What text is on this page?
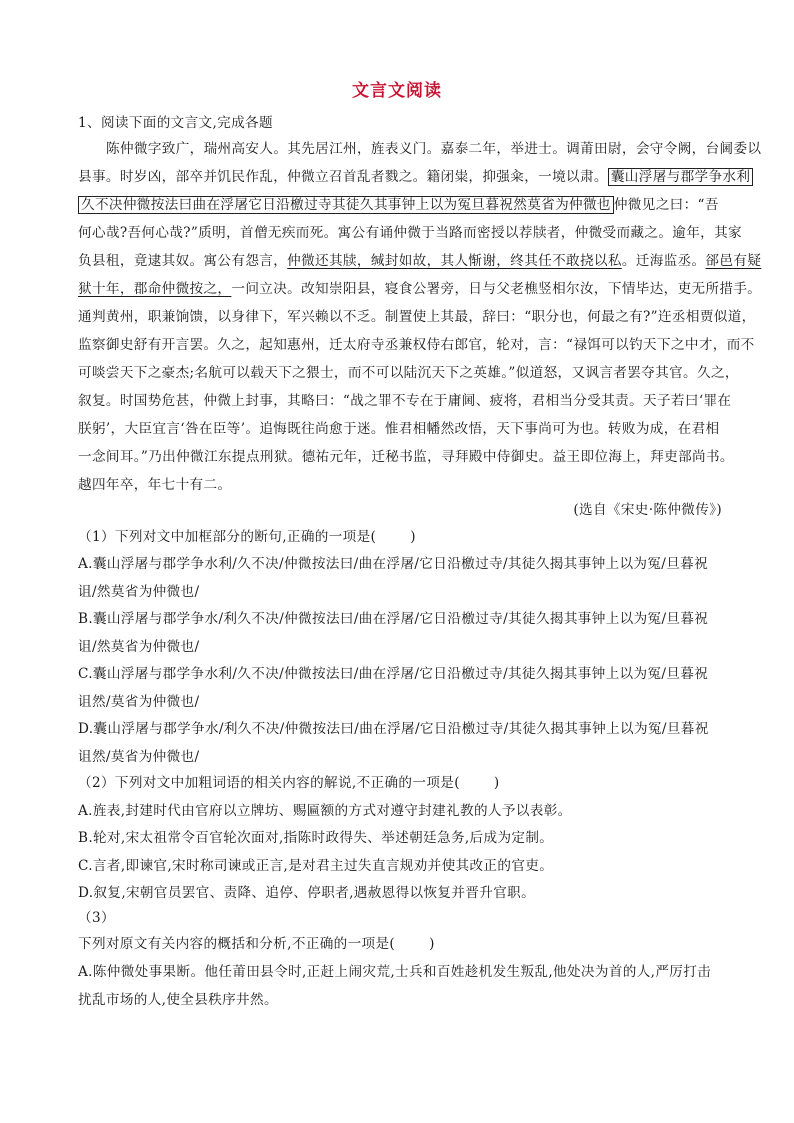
文言文阅读
1、阅读下面的文言文,完成各题
陈仲微字致广，瑞州高安人。其先居江州，旌表义门。嘉泰二年，举进士。调莆田尉，会守令阙，台阃委以
县事。时岁凶，部卒并饥民作乱，仲微立召首乱者戮之。籍闭粜，抑强籴，一境以肃。 囊山浮屠与郡学争水利
久不决仲微按法曰曲在浮屠它日沿檄过寺其徒久其事钟上以为冤旦暮祝然莫省为仲微也 仲微见之曰：“吾
何心哉?吾何心哉?”质明，首僧无疾而死。寓公有诵仲微于当路而密授以荐牍者，仲微受而藏之。逾年，其家
负县租，竟逮其奴。寓公有怨言，仲微还其牍，缄封如故，其人惭谢，终其任不敢挠以私。迁海监丞。郤邑有疑
狱十年，郡命仲微按之，一问立决。改知崇阳县，寝食公署旁，日与父老樵竖相尔汝，下情毕达，吏无所措手。
通判黄州，职兼饷馈，以身律下，军兴赖以不乏。制置使上其最，辞曰：“职分也，何最之有?”迕丞相贾似道，
监察御史舒有开言罢。久之，起知惠州，迁太府寺丞兼权侍右郎官，轮对，言：“禄饵可以钓天下之中才，而不
可啖尝天下之豪杰;名航可以载天下之猥士，而不可以陆沉天下之英雄。”似道怒，又讽言者罢夺其官。久之，
叙复。时国势危甚，仲微上封事，其略曰：“战之罪不专在于庸阃、疲将，君相当分受其责。天子若曰‘罪在
朕躬’，大臣宜言‘咎在臣等’。追悔既往尚愈于迷。惟君相幡然改悟，天下事尚可为也。转败为成，在君相
一念间耳。”乃出仲微江东提点刑狱。德祐元年，迁秘书监，寻拜殿中侍御史。益王即位海上，拜吏部尚书。
越四年卒，年七十有二。
(选自《宋史·陈仲微传》)
（1）下列对文中加框部分的断句,正确的一项是(	)
A.囊山浮屠与郡学争水利/久不决/仲微按法曰/曲在浮屠/它日沿檄过寺/其徒久揭其事钟上以为冤/旦暮祝
诅/然莫省为仲微也/
B.囊山浮屠与郡学争水/利久不决/仲微按法曰/曲在浮屠/它日沿檄过寺/其徒久揭其事钟上以为冤/旦暮祝
诅/然莫省为仲微也/
C.囊山浮屠与郡学争水利/久不决/仲微按法曰/曲在浮屠/它日沿檄过寺/其徒久揭其事钟上以为冤/旦暮祝
诅然/莫省为仲微也/
D.囊山浮屠与郡学争水/利久不决/仲微按法曰/曲在浮屠/它日沿檄过寺/其徒久揭其事钟上以为冤/旦暮祝
诅然/莫省为仲微也/
（2）下列对文中加粗词语的相关内容的解说,不正确的一项是(	)
A.旌表,封建时代由官府以立牌坊、赐匾额的方式对遵守封建礼教的人予以表彰。
B.轮对,宋太祖常令百官轮次面对,指陈时政得失、举述朝廷急务,后成为定制。
C.言者,即谏官,宋时称司谏或正言,是对君主过失直言规劝并使其改正的官吏。
D.叙复,宋朝官员罢官、责降、追停、停职者,遇赦恩得以恢复并晋升官职。
（3）
下列对原文有关内容的概括和分析,不正确的一项是(	)
A.陈仲微处事果断。他任莆田县令时,正赶上闹灾荒,士兵和百姓趁机发生叛乱,他处决为首的人,严厉打击
扰乱市场的人,使全县秩序井然。
